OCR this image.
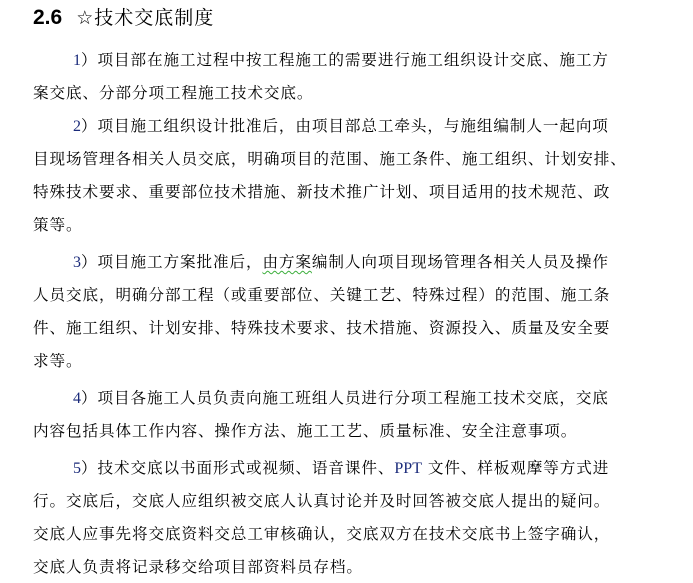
2.6 ☆技术交底制度
1）项目部在施工过程中按工程施工的需要进行施工组织设计交底、施工方
案交底、分部分项工程施工技术交底。
2）项目施工组织设计批准后，由项目部总工牵头，与施组编制人一起向项
目现场管理各相关人员交底，明确项目的范围、施工条件、施工组织、计划安排、
特殊技术要求、重要部位技术措施、新技术推广计划、项目适用的技术规范、政
策等。
3）项目施工方案批准后，由方案编制人向项目现场管理各相关人员及操作
人员交底，明确分部工程（或重要部位、关键工艺、特殊过程）的范围、施工条
件、施工组织、计划安排、特殊技术要求、技术措施、资源投入、质量及安全要
求等。
4）项目各施工人员负责向施工班组人员进行分项工程施工技术交底，交底
内容包括具体工作内容、操作方法、施工工艺、质量标准、安全注意事项。
5）技术交底以书面形式或视频、语音课件、PPT 文件、样板观摩等方式进
行。交底后，交底人应组织被交底人认真讨论并及时回答被交底人提出的疑问。
交底人应事先将交底资料交总工审核确认，交底双方在技术交底书上签字确认，
交底人负责将记录移交给项目部资料员存档。
